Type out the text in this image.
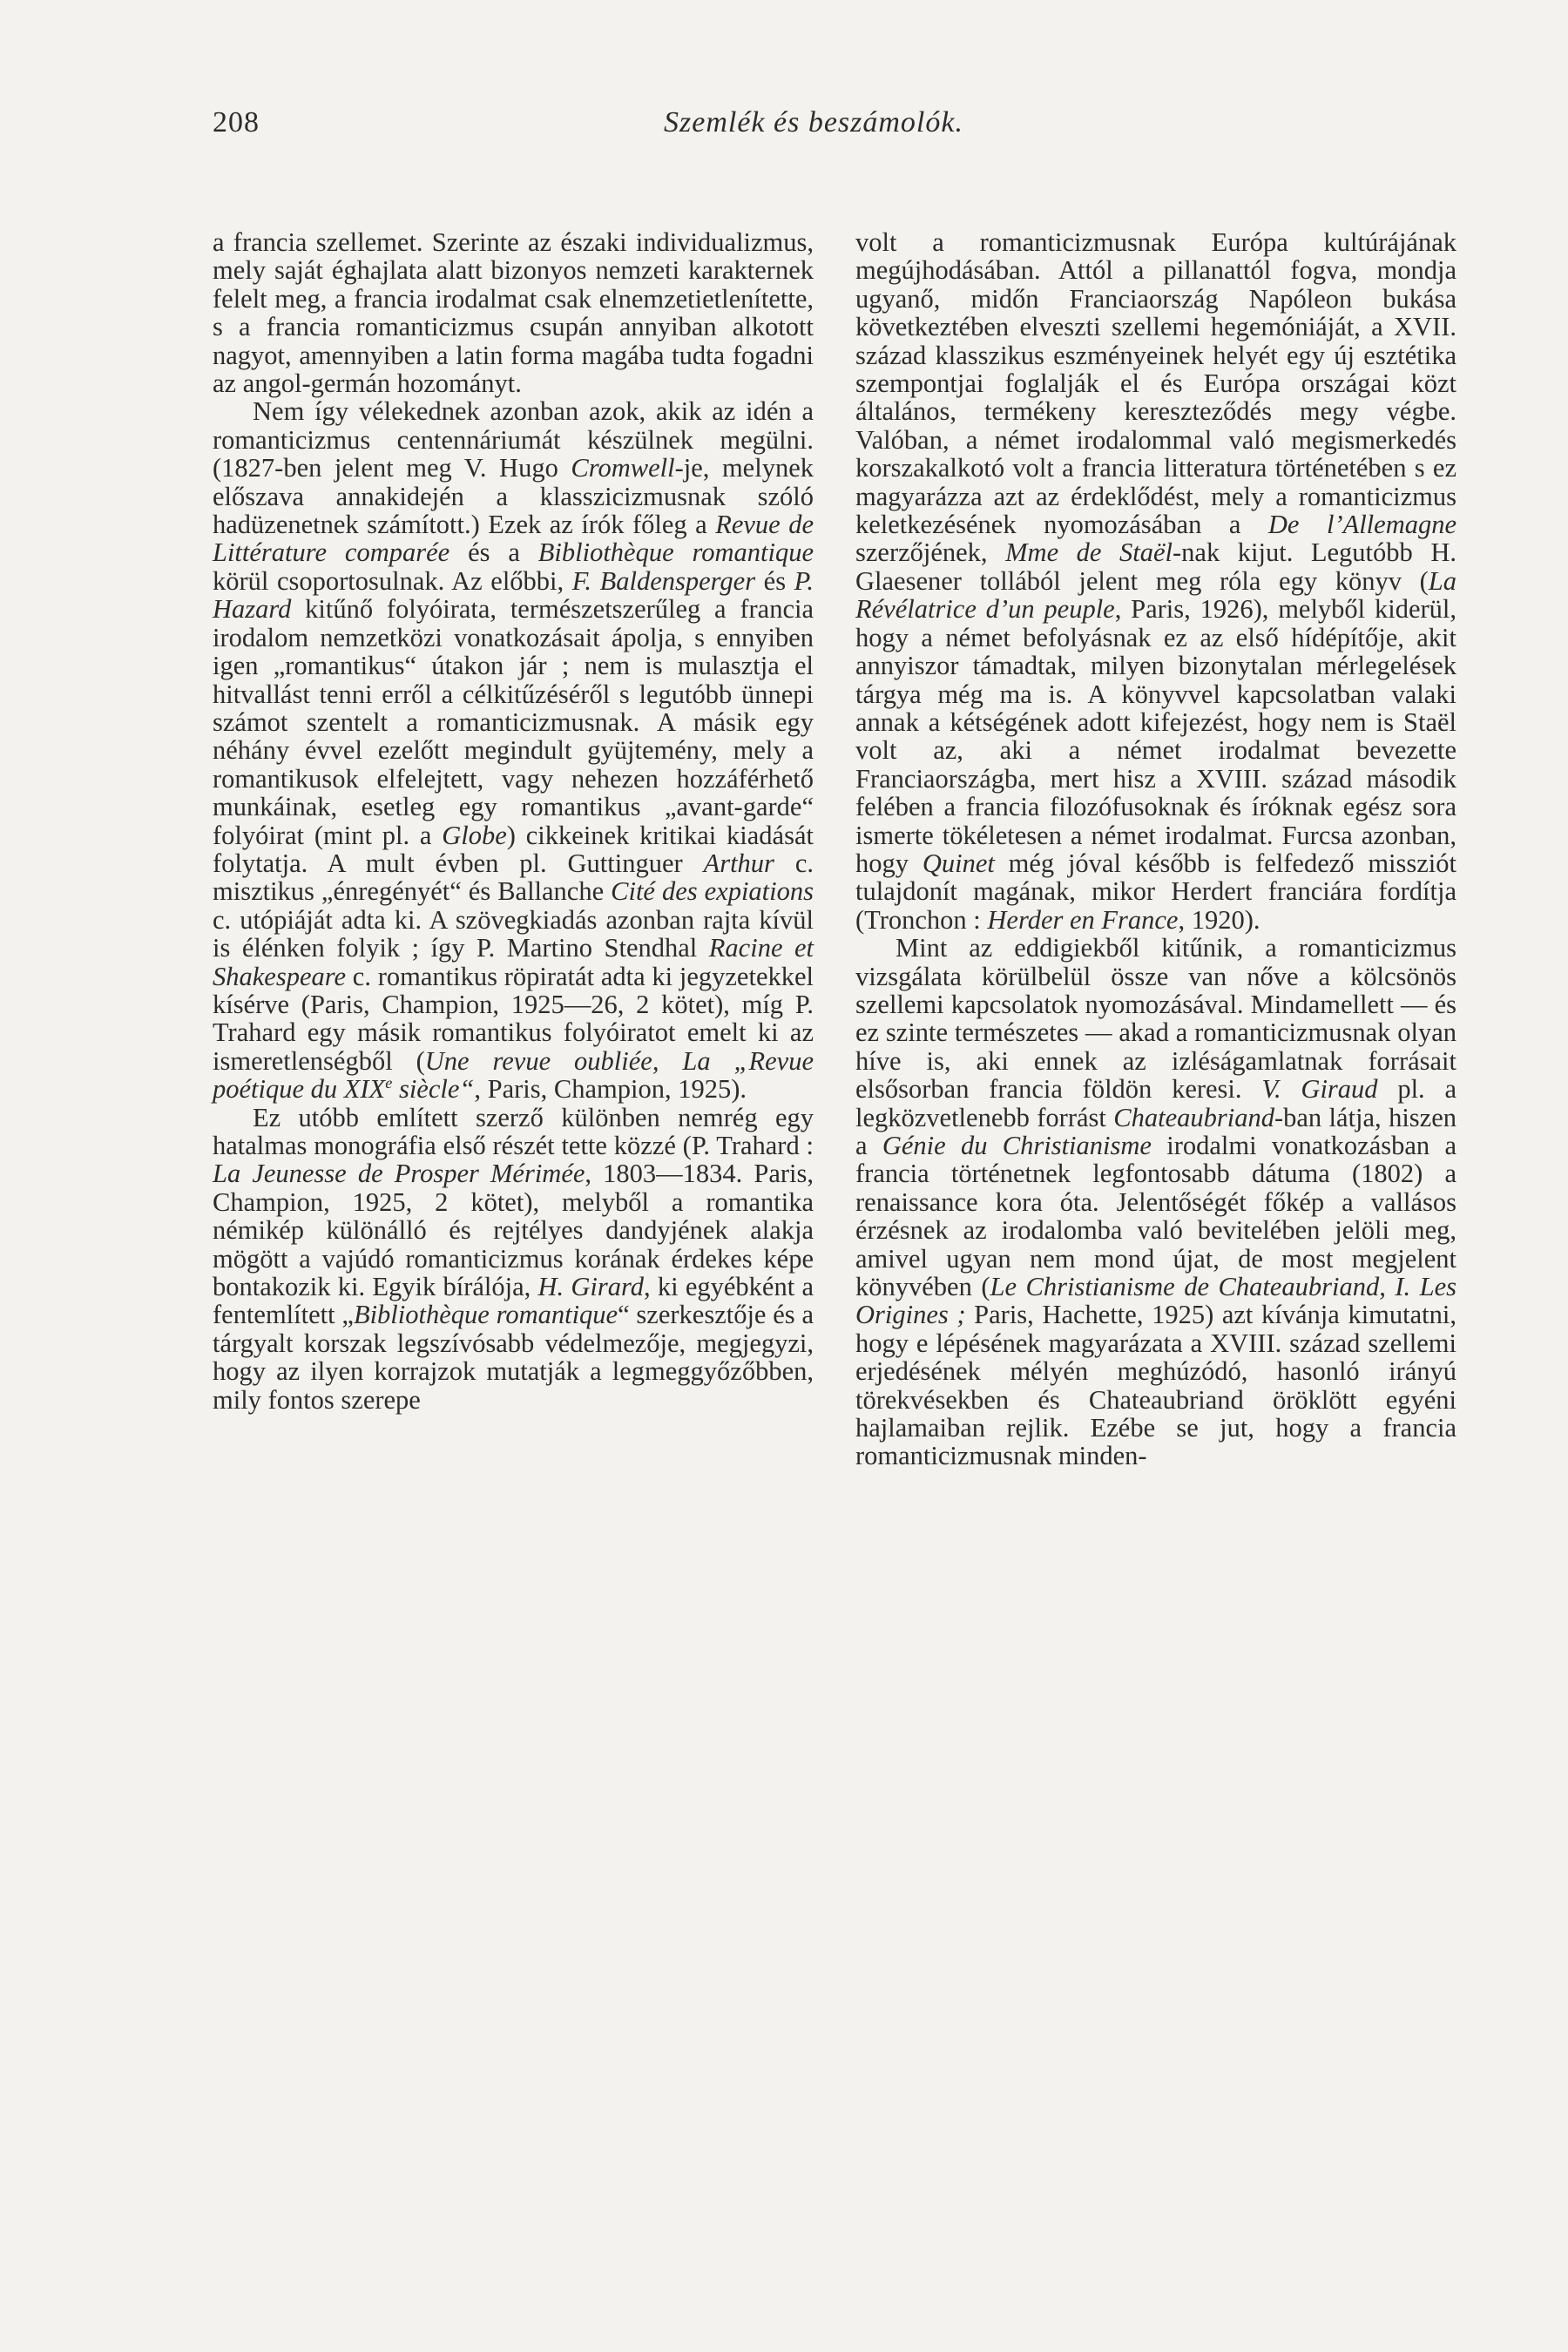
208	Szemlék és beszámolók.

a francia szellemet. Szerinte az északi individualizmus, mely saját éghajlata alatt bizonyos nemzeti karakternek felelt meg, a francia irodalmat csak elnemzetietlenítette, s a francia romanticizmus csupán annyiban alkotott nagyot, amennyiben a latin forma magába tudta fogadni az angol-germán hozományt.

Nem így vélekednek azonban azok, akik az idén a romanticizmus centennáriumát készülnek megülni. (1827-ben jelent meg V. Hugo Cromwell-je, melynek előszava annakidején a klasszicizmusnak szóló hadüzenetnek számított.) Ezek az írók főleg a Revue de Littérature comparée és a Bibliothèque romantique körül csoportosulnak. Az előbbi, F. Baldensperger és P. Hazard kitűnő folyóirata, természetszerűleg a francia irodalom nemzetközi vonatkozásait ápolja, s ennyiben igen „romantikus“ útakon jár ; nem is mulasztja el hitvallást tenni erről a célkitűzéséről s legutóbb ünnepi számot szentelt a romanticizmusnak. A másik egy néhány évvel ezelőtt megindult gyüjtemény, mely a romantikusok elfelejtett, vagy nehezen hozzáférhető munkáinak, esetleg egy romantikus „avant-garde“ folyóirat (mint pl. a Globe) cikkeinek kritikai kiadását folytatja. A mult évben pl. Guttinguer Arthur c. misztikus „énregényét“ és Ballanche Cité des expiations c. utópiáját adta ki. A szövegkiadás azonban rajta kívül is élénken folyik ; így P. Martino Stendhal Racine et Shakespeare c. romantikus röpiratát adta ki jegyzetekkel kísérve (Paris, Champion, 1925—26, 2 kötet), míg P. Trahard egy másik romantikus folyóiratot emelt ki az ismeretlenségből (Une revue oubliée, La „Revue poétique du XIXe siècle“, Paris, Champion, 1925).

Ez utóbb említett szerző különben nemrég egy hatalmas monográfia első részét tette közzé (P. Trahard : La Jeunesse de Prosper Mérimée, 1803—1834. Paris, Champion, 1925, 2 kötet), melyből a romantika némikép különálló és rejtélyes dandyjének alakja mögött a vajúdó romanticizmus korának érdekes képe bontakozik ki. Egyik bírálója, H. Girard, ki egyébként a fentemlített „Bibliothèque romantique“ szerkesztője és a tárgyalt korszak legszívósabb védelmezője, megjegyzi, hogy az ilyen korrajzok mutatják a legmeggyőzőbben, mily fontos szerepe

volt a romanticizmusnak Európa kultúrájának megújhodásában. Attól a pillanattól fogva, mondja ugyanő, midőn Franciaország Napóleon bukása következtében elveszti szellemi hegemóniáját, a XVII. század klasszikus eszményeinek helyét egy új esztétika szempontjai foglalják el és Európa országai közt általános, termékeny kereszteződés megy végbe. Valóban, a német irodalommal való megismerkedés korszakalkotó volt a francia litteratura történetében s ez magyarázza azt az érdeklődést, mely a romanticizmus keletkezésének nyomozásában a De l’Allemagne szerzőjének, Mme de Staël-nak kijut. Legutóbb H. Glaesener tollából jelent meg róla egy könyv (La Révélatrice d’un peuple, Paris, 1926), melyből kiderül, hogy a német befolyásnak ez az első hídépítője, akit annyiszor támadtak, milyen bizonytalan mérlegelések tárgya még ma is. A könyvvel kapcsolatban valaki annak a kétségének adott kifejezést, hogy nem is Staël volt az, aki a német irodalmat bevezette Franciaországba, mert hisz a XVIII. század második felében a francia filozófusoknak és íróknak egész sora ismerte tökéletesen a német irodalmat. Furcsa azonban, hogy Quinet még jóval később is felfedező missziót tulajdonít magának, mikor Herdert franciára fordítja (Tronchon : Herder en France, 1920).

Mint az eddigiekből kitűnik, a romanticizmus vizsgálata körülbelül össze van nőve a kölcsönös szellemi kapcsolatok nyomozásával. Mindamellett — és ez szinte természetes — akad a romanticizmusnak olyan híve is, aki ennek az izléságamlatnak forrásait elsősorban francia földön keresi. V. Giraud pl. a legközvetlenebb forrást Chateaubriand-ban látja, hiszen a Génie du Christianisme irodalmi vonatkozásban a francia történetnek legfontosabb dátuma (1802) a renaissance kora óta. Jelentőségét főkép a vallásos érzésnek az irodalomba való bevitelében jelöli meg, amivel ugyan nem mond újat, de most megjelent könyvében (Le Christianisme de Chateaubriand, I. Les Origines ; Paris, Hachette, 1925) azt kívánja kimutatni, hogy e lépésének magyarázata a XVIII. század szellemi erjedésének mélyén meghúzódó, hasonló irányú törekvésekben és Chateaubriand öröklött egyéni hajlamaiban rejlik. Ezébe se jut, hogy a francia romanticizmusnak minden-
